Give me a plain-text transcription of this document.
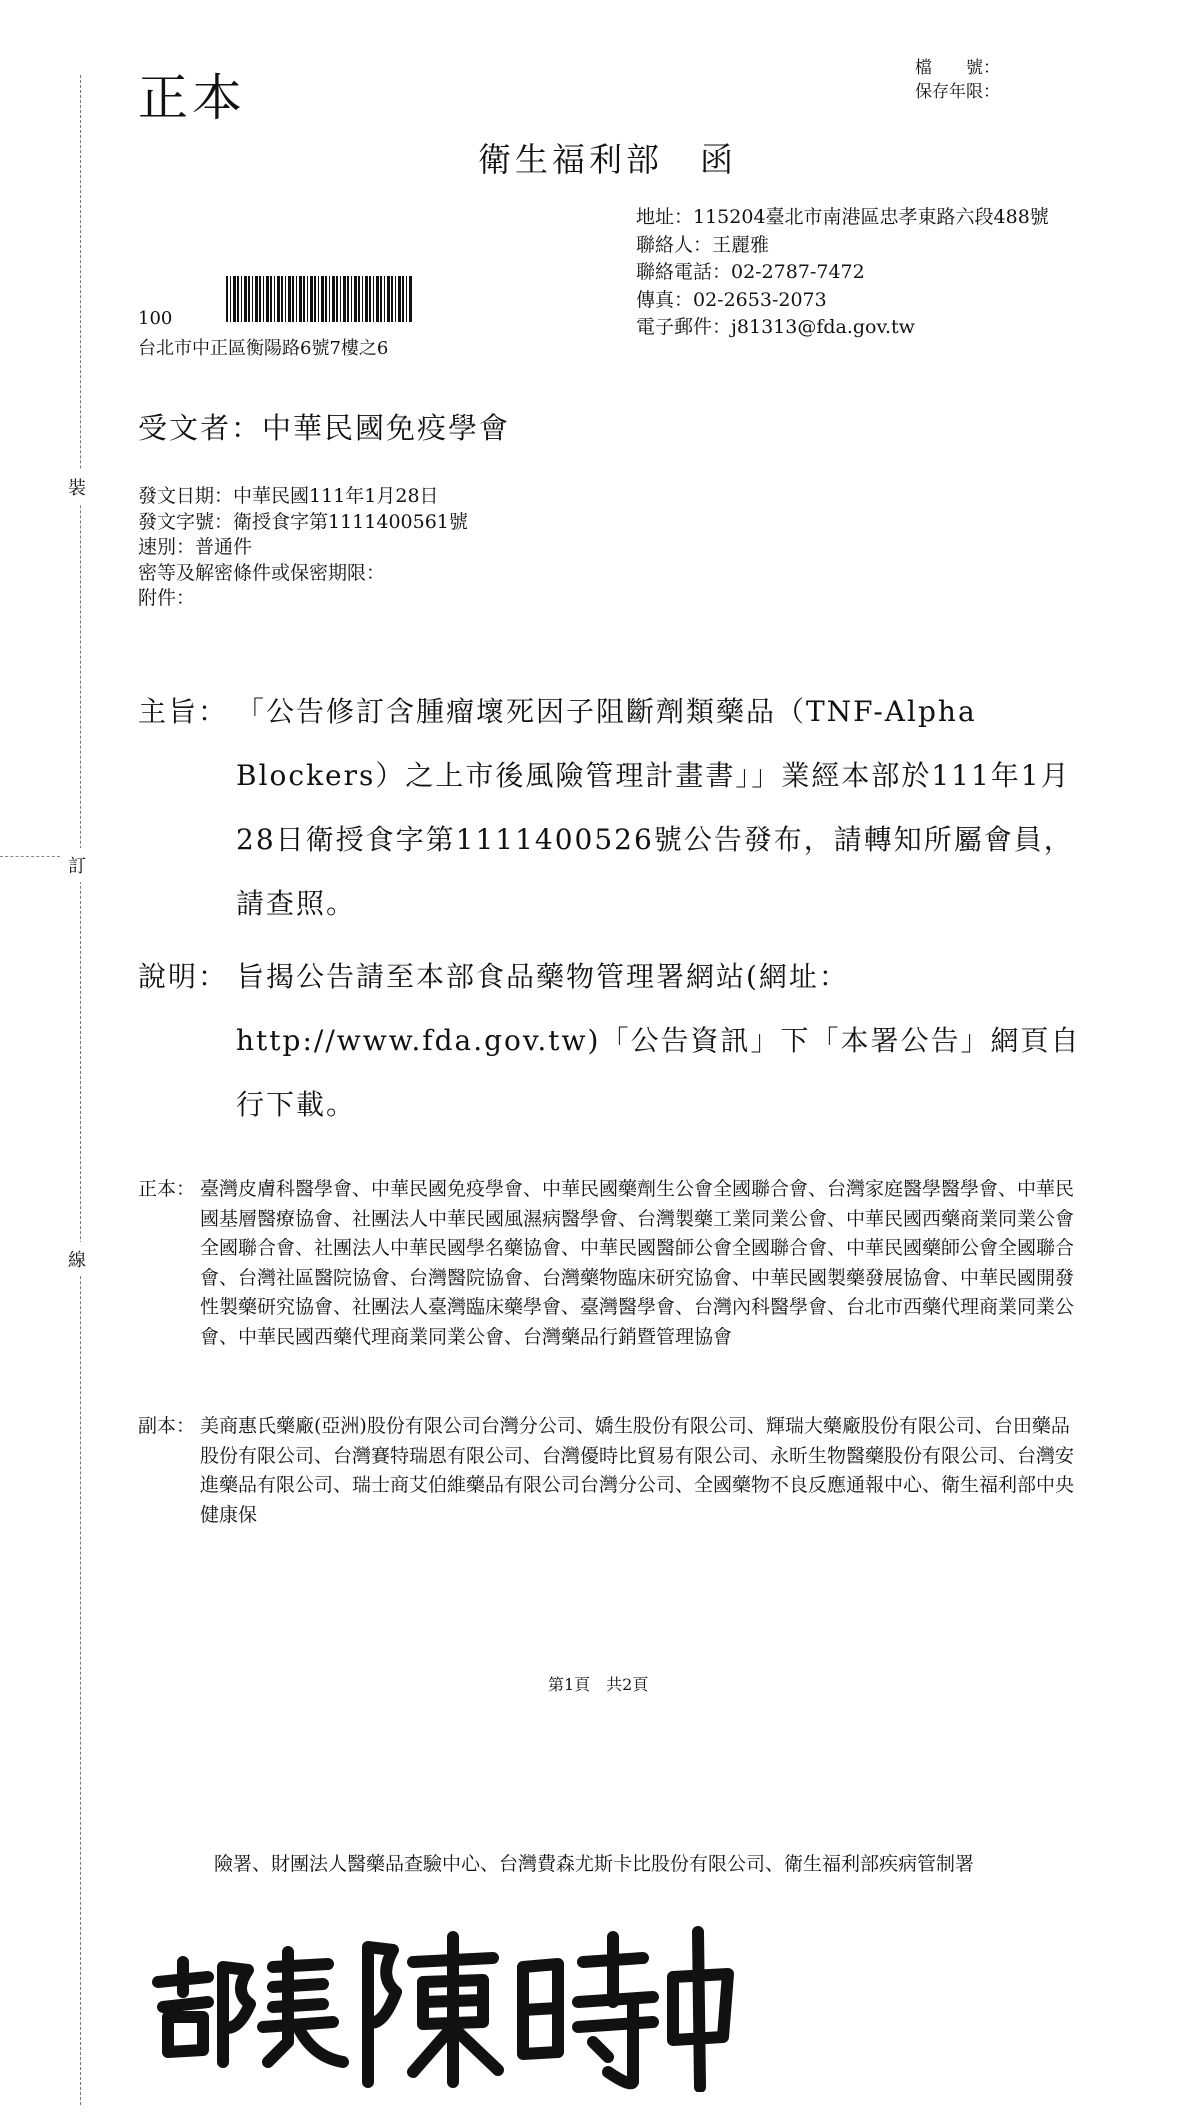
裝
訂
線
正本
檔　　號：
保存年限：
衛生福利部　函
地址：115204臺北市南港區忠孝東路六段488號
聯絡人：王麗雅
聯絡電話：02-2787-7472
傳真：02-2653-2073
電子郵件：j81313@fda.gov.tw
100
台北市中正區衡陽路6號7樓之6
受文者：中華民國免疫學會
發文日期：中華民國111年1月28日
發文字號：衛授食字第1111400561號
速別：普通件
密等及解密條件或保密期限：
附件：
主旨： 「公告修訂含腫瘤壞死因子阻斷劑類藥品（TNF-Alpha Blockers）之上市後風險管理計畫書」」業經本部於111年1月28日衛授食字第1111400526號公告發布，請轉知所屬會員，請查照。
說明： 旨揭公告請至本部食品藥物管理署網站(網址：http://www.fda.gov.tw)「公告資訊」下「本署公告」網頁自行下載。
正本： 臺灣皮膚科醫學會、中華民國免疫學會、中華民國藥劑生公會全國聯合會、台灣家庭醫學醫學會、中華民國基層醫療協會、社團法人中華民國風濕病醫學會、台灣製藥工業同業公會、中華民國西藥商業同業公會全國聯合會、社團法人中華民國學名藥協會、中華民國醫師公會全國聯合會、中華民國藥師公會全國聯合會、台灣社區醫院協會、台灣醫院協會、台灣藥物臨床研究協會、中華民國製藥發展協會、中華民國開發性製藥研究協會、社團法人臺灣臨床藥學會、臺灣醫學會、台灣內科醫學會、台北市西藥代理商業同業公會、中華民國西藥代理商業同業公會、台灣藥品行銷暨管理協會
副本： 美商惠氏藥廠(亞洲)股份有限公司台灣分公司、嬌生股份有限公司、輝瑞大藥廠股份有限公司、台田藥品股份有限公司、台灣賽特瑞恩有限公司、台灣優時比貿易有限公司、永昕生物醫藥股份有限公司、台灣安進藥品有限公司、瑞士商艾伯維藥品有限公司台灣分公司、全國藥物不良反應通報中心、衛生福利部中央健康保
第1頁　共2頁
險署、財團法人醫藥品查驗中心、台灣費森尤斯卡比股份有限公司、衛生福利部疾病管制署
